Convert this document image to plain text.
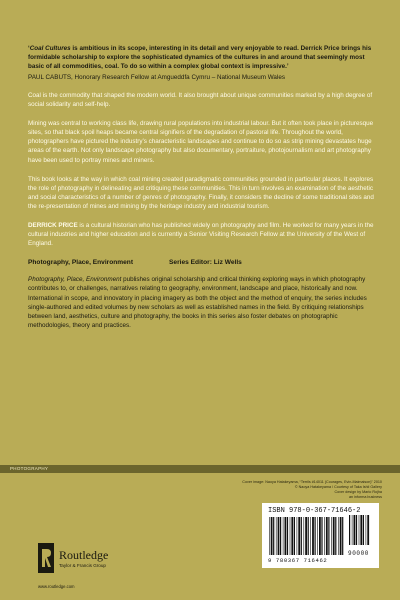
‘Coal Cultures is ambitious in its scope, interesting in its detail and very enjoyable to read. Derrick Price brings his formidable scholarship to explore the sophisticated dynamics of the cultures in and around that seemingly most basic of all commodities, coal. To do so within a complex global context is impressive.’

PAUL CABUTS, Honorary Research Fellow at Amgueddfa Cymru – National Museum Wales

Coal is the commodity that shaped the modern world. It also brought about unique communities marked by a high degree of social solidarity and self-help.

Mining was central to working class life, drawing rural populations into industrial labour. But it often took place in picturesque sites, so that black spoil heaps became central signifiers of the degradation of pastoral life. Throughout the world, photographers have pictured the industry’s characteristic landscapes and continue to do so as strip mining devastates huge areas of the earth. Not only landscape photography but also documentary, portraiture, photojournalism and art photography have been used to portray mines and miners.

This book looks at the way in which coal mining created paradigmatic communities grounded in particular places. It explores the role of photography in delineating and critiquing these communities. This in turn involves an examination of the aesthetic and social characteristics of a number of genres of photography. Finally, it considers the decline of some traditional sites and the re-presentation of mines and mining by the heritage industry and industrial tourism.

DERRICK PRICE is a cultural historian who has published widely on photography and film. He worked for many years in the cultural industries and higher education and is currently a Senior Visiting Research Fellow at the University of the West of England.

Photography, Place, Environment	Series Editor: Liz Wells

Photography, Place, Environment publishes original scholarship and critical thinking exploring ways in which photography contributes to, or challenges, narratives relating to geography, environment, landscape and place, historically and now. International in scope, and innovatory in placing imagery as both the object and the method of enquiry, the series includes single-authored and edited volumes by new scholars as well as established names in the field. By critiquing relationships between land, aesthetics, culture and photography, the books in this series also foster debates on photographic methodologies, theory and practices.

PHOTOGRAPHY
Cover image: Naoya Hatakeyama, “Terrils #14011 (Courages, Evin-Malmaison)” 2010
© Naoya Hatakeyama / Courtesy of Taka Ishii Gallery
Cover design by Mario Rojha
an informa business
ISBN 978-0-367-71646-2
90000
9 780367 716462
Routledge
Taylor & Francis Group
www.routledge.com
